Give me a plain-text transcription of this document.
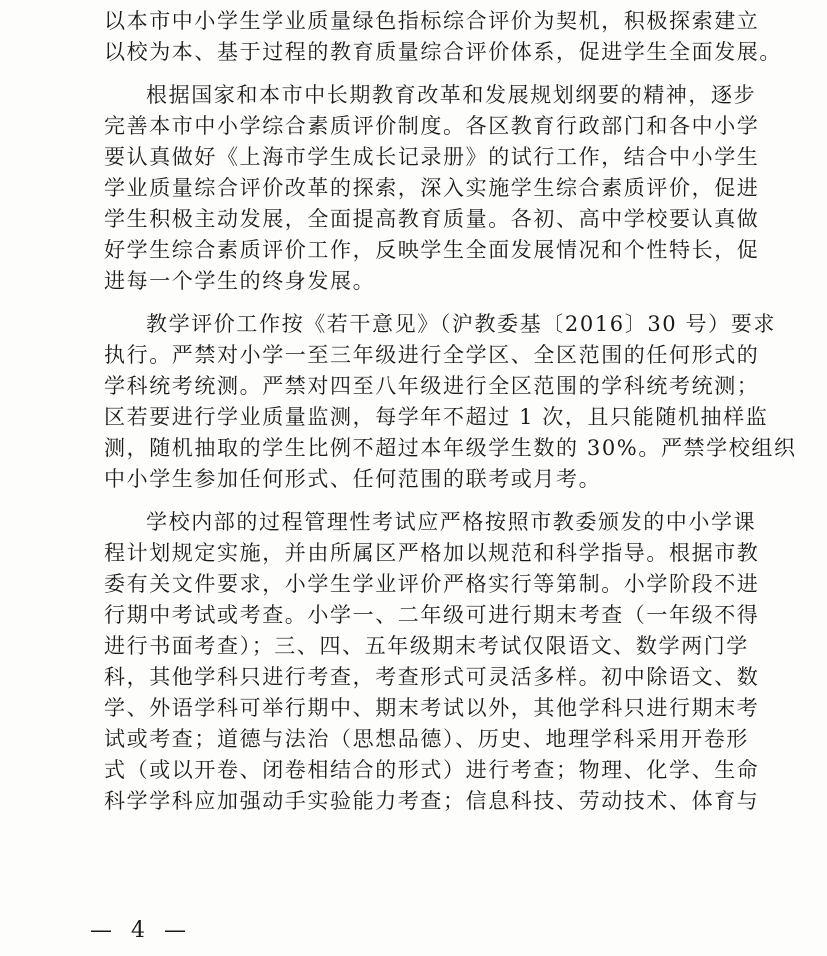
以本市中小学生学业质量绿色指标综合评价为契机，积极探索建立
以校为本、基于过程的教育质量综合评价体系，促进学生全面发展。
根据国家和本市中长期教育改革和发展规划纲要的精神，逐步
完善本市中小学综合素质评价制度。各区教育行政部门和各中小学
要认真做好《上海市学生成长记录册》的试行工作，结合中小学生
学业质量综合评价改革的探索，深入实施学生综合素质评价，促进
学生积极主动发展，全面提高教育质量。各初、高中学校要认真做
好学生综合素质评价工作，反映学生全面发展情况和个性特长，促
进每一个学生的终身发展。
教学评价工作按《若干意见》（沪教委基〔2016〕30 号）要求
执行。严禁对小学一至三年级进行全学区、全区范围的任何形式的
学科统考统测。严禁对四至八年级进行全区范围的学科统考统测；
区若要进行学业质量监测，每学年不超过 1 次，且只能随机抽样监
测，随机抽取的学生比例不超过本年级学生数的 30%。严禁学校组织
中小学生参加任何形式、任何范围的联考或月考。
学校内部的过程管理性考试应严格按照市教委颁发的中小学课
程计划规定实施，并由所属区严格加以规范和科学指导。根据市教
委有关文件要求，小学生学业评价严格实行等第制。小学阶段不进
行期中考试或考查。小学一、二年级可进行期末考查（一年级不得
进行书面考查）；三、四、五年级期末考试仅限语文、数学两门学
科，其他学科只进行考查，考查形式可灵活多样。初中除语文、数
学、外语学科可举行期中、期末考试以外，其他学科只进行期末考
试或考查；道德与法治（思想品德）、历史、地理学科采用开卷形
式（或以开卷、闭卷相结合的形式）进行考查；物理、化学、生命
科学学科应加强动手实验能力考查；信息科技、劳动技术、体育与
— 4 —
